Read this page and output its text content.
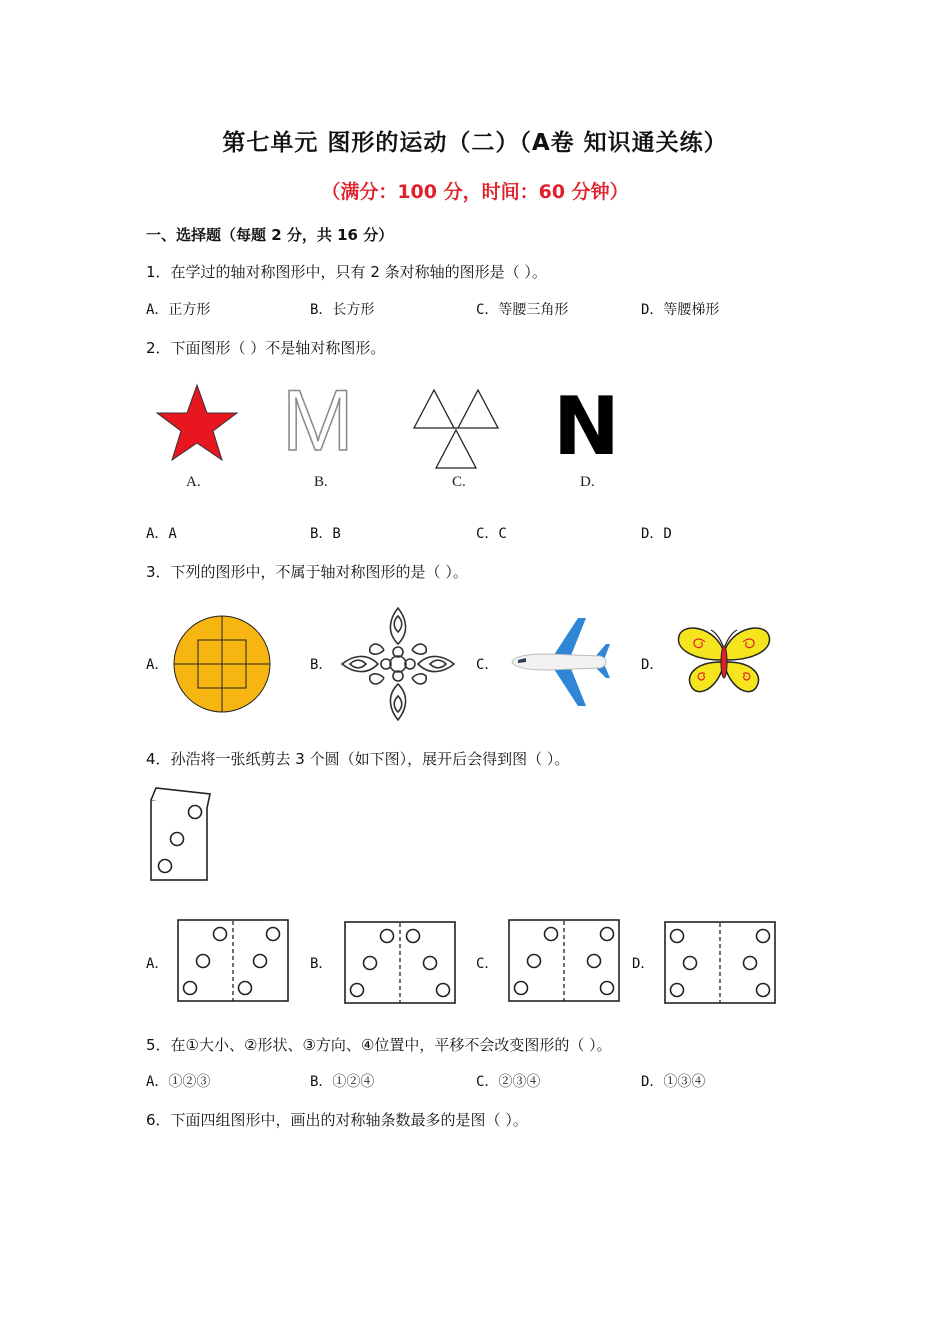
第七单元 图形的运动（二）（A卷 知识通关练）
（满分：100 分，时间：60 分钟）
一、选择题（每题 2 分，共 16 分）
1．在学过的轴对称图形中，只有 2 条对称轴的图形是（ ）。
A．正方形	B．长方形	C．等腰三角形	D．等腰梯形
2．下面图形（ ）不是轴对称图形。
M N
A.	B.	C.	D.
A．A	B．B	C．C	D．D
3．下列的图形中，不属于轴对称图形的是（ ）。
A．	B．	C．	D．
4．孙浩将一张纸剪去 3 个圆（如下图），展开后会得到图（ ）。
A．	B．	C．	D．
5．在①大小、②形状、③方向、④位置中，平移不会改变图形的（ ）。
A．①②③	B．①②④	C．②③④	D．①③④
6．下面四组图形中，画出的对称轴条数最多的是图（ ）。
